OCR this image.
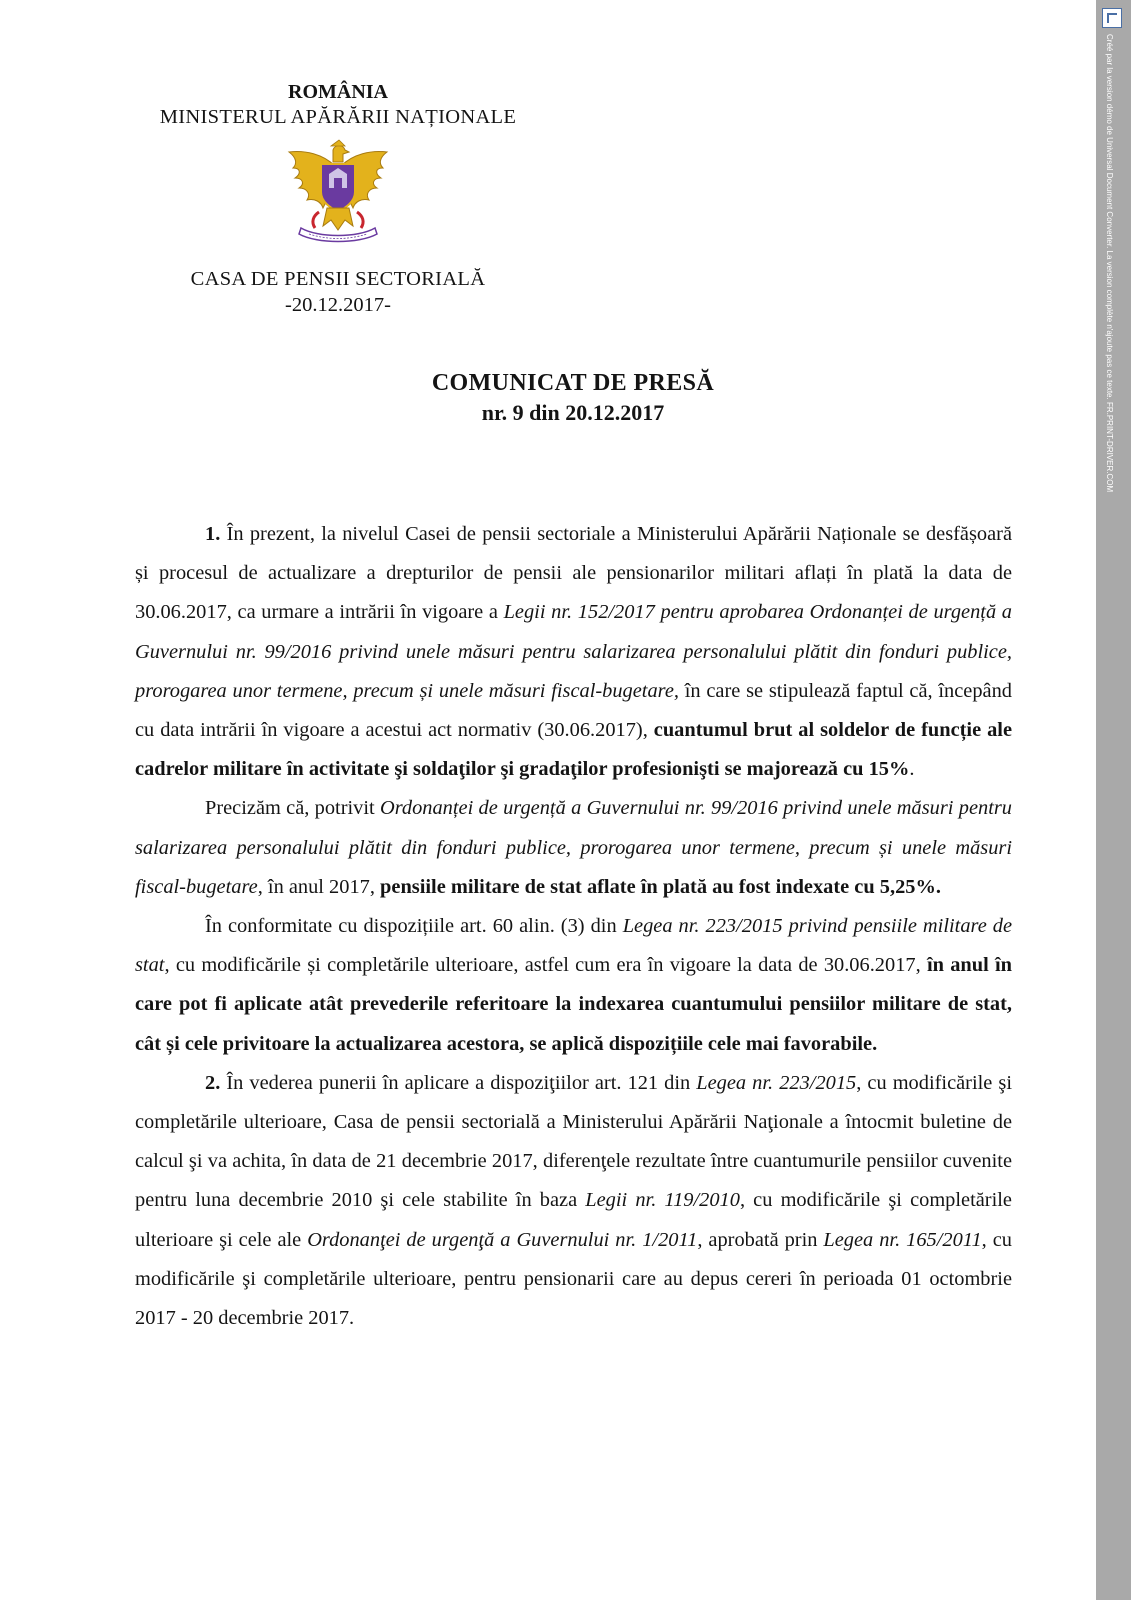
ROMÂNIA
MINISTERUL APĂRĂRII NAȚIONALE
CASA DE PENSII SECTORIALĂ
-20.12.2017-
COMUNICAT DE PRESĂ
nr. 9 din 20.12.2017

1. În prezent, la nivelul Casei de pensii sectoriale a Ministerului Apărării Naționale se desfășoară și procesul de actualizare a drepturilor de pensii ale pensionarilor militari aflați în plată la data de 30.06.2017, ca urmare a intrării în vigoare a Legii nr. 152/2017 pentru aprobarea Ordonanței de urgență a Guvernului nr. 99/2016 privind unele măsuri pentru salarizarea personalului plătit din fonduri publice, prorogarea unor termene, precum și unele măsuri fiscal-bugetare, în care se stipulează faptul că, începând cu data intrării în vigoare a acestui act normativ (30.06.2017), cuantumul brut al soldelor de funcție ale cadrelor militare în activitate şi soldaţilor şi gradaţilor profesionişti se majorează cu 15%.

Precizăm că, potrivit Ordonanței de urgență a Guvernului nr. 99/2016 privind unele măsuri pentru salarizarea personalului plătit din fonduri publice, prorogarea unor termene, precum și unele măsuri fiscal-bugetare, în anul 2017, pensiile militare de stat aflate în plată au fost indexate cu 5,25%.

În conformitate cu dispozițiile art. 60 alin. (3) din Legea nr. 223/2015 privind pensiile militare de stat, cu modificările și completările ulterioare, astfel cum era în vigoare la data de 30.06.2017, în anul în care pot fi aplicate atât prevederile referitoare la indexarea cuantumului pensiilor militare de stat, cât și cele privitoare la actualizarea acestora, se aplică dispozițiile cele mai favorabile.

2. În vederea punerii în aplicare a dispoziţiilor art. 121 din Legea nr. 223/2015, cu modificările şi completările ulterioare, Casa de pensii sectorială a Ministerului Apărării Naţionale a întocmit buletine de calcul şi va achita, în data de 21 decembrie 2017, diferenţele rezultate între cuantumurile pensiilor cuvenite pentru luna decembrie 2010 şi cele stabilite în baza Legii nr. 119/2010, cu modificările şi completările ulterioare şi cele ale Ordonanţei de urgenţă a Guvernului nr. 1/2011, aprobată prin Legea nr. 165/2011, cu modificările şi completările ulterioare, pentru pensionarii care au depus cereri în perioada 01 octombrie 2017 - 20 decembrie 2017.

Créé par la version démo de Universal Document Converter. La version complète n'ajoute pas ce texte. FR.PRINT-DRIVER.COM
